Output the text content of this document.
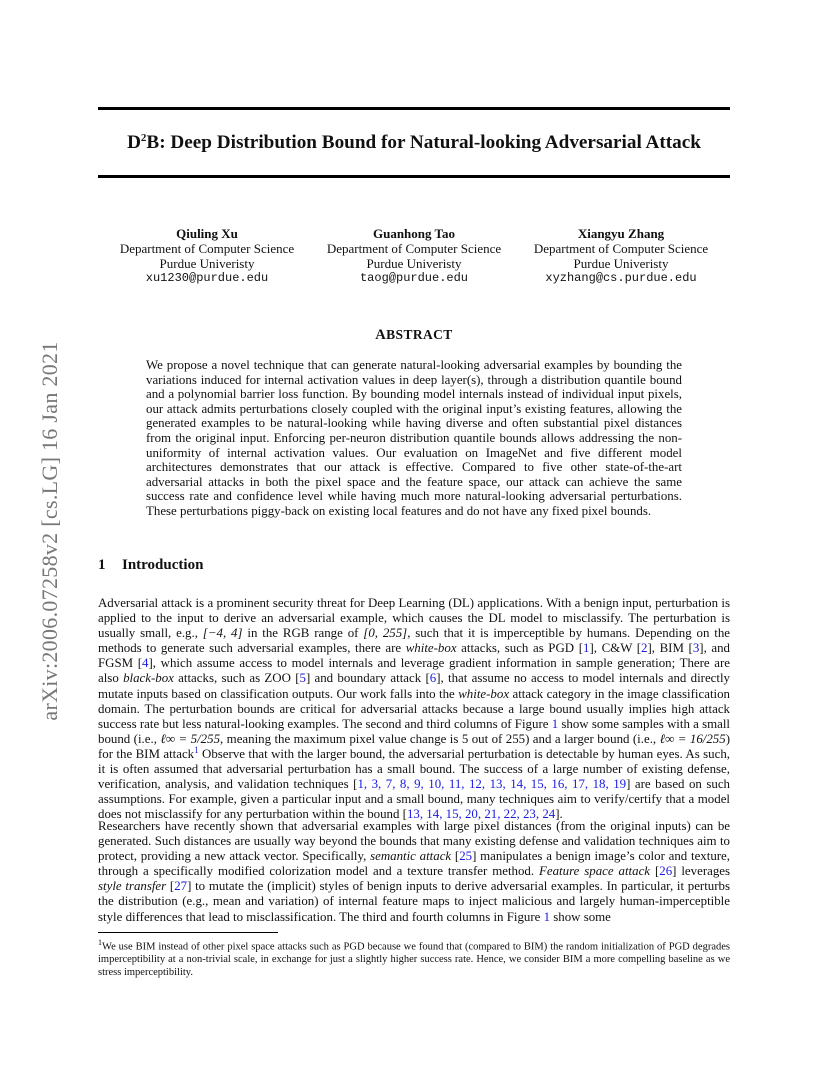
arXiv:2006.07258v2 [cs.LG] 16 Jan 2021
$D^2B$: Deep Distribution Bound for Natural-looking Adversarial Attack
Qiuling Xu
Department of Computer Science
Purdue Univeristy
xu1230@purdue.edu
Guanhong Tao
Department of Computer Science
Purdue Univeristy
taog@purdue.edu
Xiangyu Zhang
Department of Computer Science
Purdue Univeristy
xyzhang@cs.purdue.edu
ABSTRACT

We propose a novel technique that can generate natural-looking adversarial examples by bounding the variations induced for internal activation values in deep layer(s), through a distribution quantile bound and a polynomial barrier loss function. By bounding model internals instead of individual input pixels, our attack admits perturbations closely coupled with the original input’s existing features, allowing the generated examples to be natural-looking while having diverse and often substantial pixel distances from the original input. Enforcing per-neuron distribution quantile bounds allows addressing the non-uniformity of internal activation values. Our evaluation on ImageNet and five different model architectures demonstrates that our attack is effective. Compared to five other state-of-the-art adversarial attacks in both the pixel space and the feature space, our attack can achieve the same success rate and confidence level while having much more natural-looking adversarial perturbations. These perturbations piggy-back on existing local features and do not have any fixed pixel bounds.

1 Introduction

Adversarial attack is a prominent security threat for Deep Learning (DL) applications. With a benign input, perturbation is applied to the input to derive an adversarial example, which causes the DL model to misclassify. The perturbation is usually small, e.g., [−4, 4] in the RGB range of [0, 255], such that it is imperceptible by humans. Depending on the methods to generate such adversarial examples, there are white-box attacks, such as PGD [1], C&W [2], BIM [3], and FGSM [4], which assume access to model internals and leverage gradient information in sample generation; There are also black-box attacks, such as ZOO [5] and boundary attack [6], that assume no access to model internals and directly mutate inputs based on classification outputs. Our work falls into the white-box attack category in the image classification domain. The perturbation bounds are critical for adversarial attacks because a large bound usually implies high attack success rate but less natural-looking examples. The second and third columns of Figure 1 show some samples with a small bound (i.e., ℓ∞ = 5/255, meaning the maximum pixel value change is 5 out of 255) and a larger bound (i.e., ℓ∞ = 16/255) for the BIM attack$^1$ Observe that with the larger bound, the adversarial perturbation is detectable by human eyes. As such, it is often assumed that adversarial perturbation has a small bound. The success of a large number of existing defense, verification, analysis, and validation techniques [1, 3, 7, 8, 9, 10, 11, 12, 13, 14, 15, 16, 17, 18, 19] are based on such assumptions. For example, given a particular input and a small bound, many techniques aim to verify/certify that a model does not misclassify for any perturbation within the bound [13, 14, 15, 20, 21, 22, 23, 24].

Researchers have recently shown that adversarial examples with large pixel distances (from the original inputs) can be generated. Such distances are usually way beyond the bounds that many existing defense and validation techniques aim to protect, providing a new attack vector. Specifically, semantic attack [25] manipulates a benign image’s color and texture, through a specifically modified colorization model and a texture transfer method. Feature space attack [26] leverages style transfer [27] to mutate the (implicit) styles of benign inputs to derive adversarial examples. In particular, it perturbs the distribution (e.g., mean and variation) of internal feature maps to inject malicious and largely human-imperceptible style differences that lead to misclassification. The third and fourth columns in Figure 1 show some

$^1$We use BIM instead of other pixel space attacks such as PGD because we found that (compared to BIM) the random initialization of PGD degrades imperceptibility at a non-trivial scale, in exchange for just a slightly higher success rate. Hence, we consider BIM a more compelling baseline as we stress imperceptibility.
